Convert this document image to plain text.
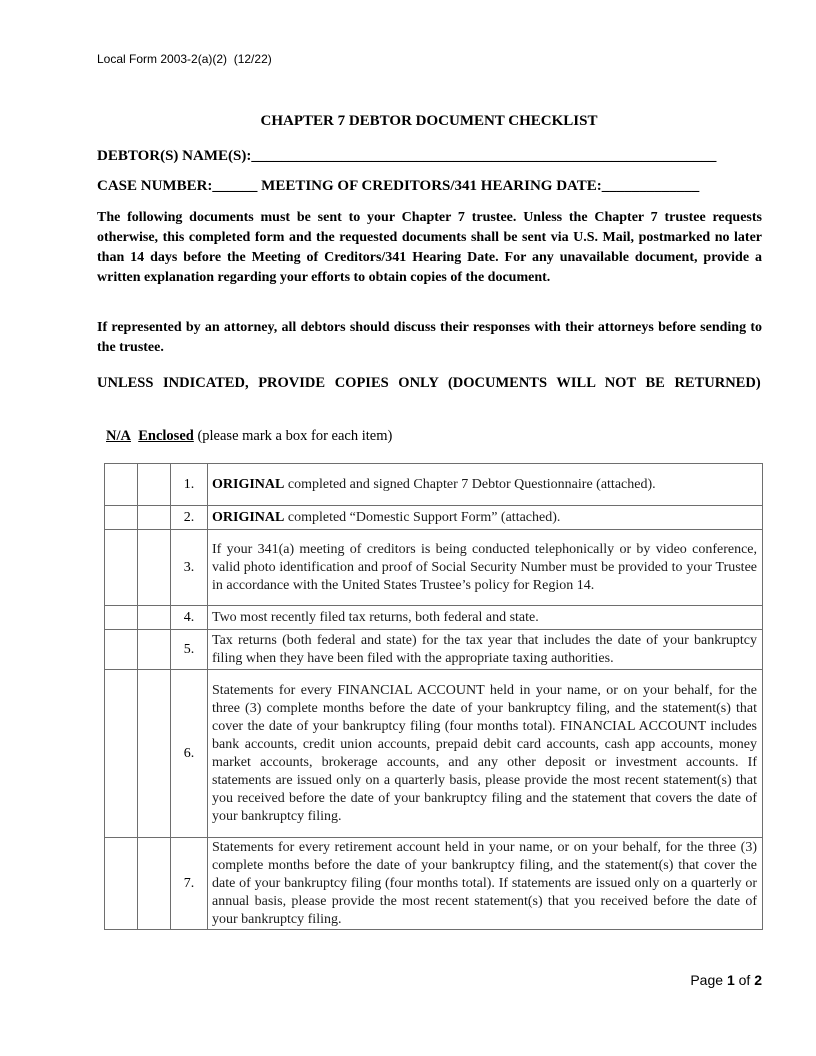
Local Form 2003-2(a)(2)  (12/22)
CHAPTER 7 DEBTOR DOCUMENT CHECKLIST
DEBTOR(S) NAME(S):______________________________________________________________
CASE NUMBER:______ MEETING OF CREDITORS/341 HEARING DATE:_____________
The following documents must be sent to your Chapter 7 trustee. Unless the Chapter 7 trustee requests otherwise, this completed form and the requested documents shall be sent via U.S. Mail, postmarked no later than 14 days before the Meeting of Creditors/341 Hearing Date. For any unavailable document, provide a written explanation regarding your efforts to obtain copies of the document.
If represented by an attorney, all debtors should discuss their responses with their attorneys before sending to the trustee.
UNLESS INDICATED, PROVIDE COPIES ONLY (DOCUMENTS WILL NOT BE RETURNED)
N/A Enclosed (please mark a box for each item)
		1.	ORIGINAL completed and signed Chapter 7 Debtor Questionnaire (attached).
		2.	ORIGINAL completed “Domestic Support Form” (attached).
		3.	If your 341(a) meeting of creditors is being conducted telephonically or by video conference, valid photo identification and proof of Social Security Number must be provided to your Trustee in accordance with the United States Trustee’s policy for Region 14.
		4.	Two most recently filed tax returns, both federal and state.
		5.	Tax returns (both federal and state) for the tax year that includes the date of your bankruptcy filing when they have been filed with the appropriate taxing authorities.
		6.	Statements for every FINANCIAL ACCOUNT held in your name, or on your behalf, for the three (3) complete months before the date of your bankruptcy filing, and the statement(s) that cover the date of your bankruptcy filing (four months total). FINANCIAL ACCOUNT includes bank accounts, credit union accounts, prepaid debit card accounts, cash app accounts, money market accounts, brokerage accounts, and any other deposit or investment accounts. If statements are issued only on a quarterly basis, please provide the most recent statement(s) that you received before the date of your bankruptcy filing and the statement that covers the date of your bankruptcy filing.
		7.	Statements for every retirement account held in your name, or on your behalf, for the three (3) complete months before the date of your bankruptcy filing, and the statement(s) that cover the date of your bankruptcy filing (four months total). If statements are issued only on a quarterly or annual basis, please provide the most recent statement(s) that you received before the date of your bankruptcy filing.
Page 1 of 2
